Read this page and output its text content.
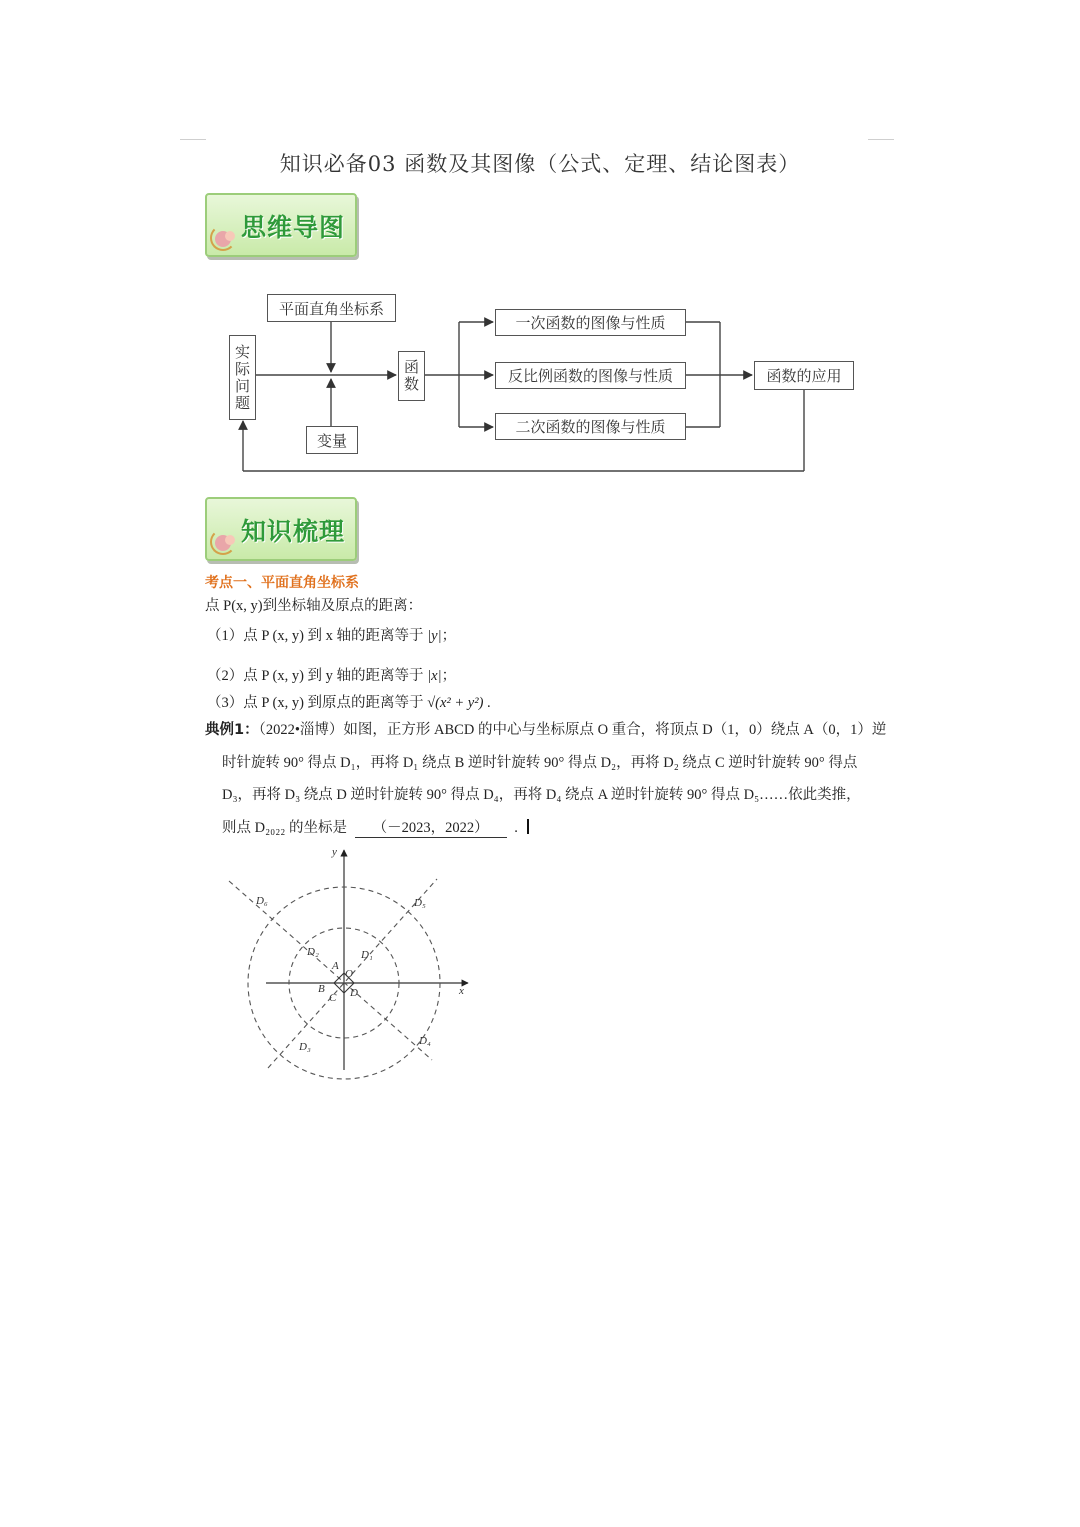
知识必备03 函数及其图像（公式、定理、结论图表）
思维导图
平面直角坐标系
实际问题
变量
函数
一次函数的图像与性质
反比例函数的图像与性质
二次函数的图像与性质
函数的应用
知识梳理
考点一、平面直角坐标系
点 P(x, y)到坐标轴及原点的距离：
（1）点 P (x, y) 到 x 轴的距离等于 |y|；
（2）点 P (x, y) 到 y 轴的距离等于 |x|；
（3）点 P (x, y) 到原点的距离等于 √(x² + y²) .
典例1：（2022•淄博）如图，正方形 ABCD 的中心与坐标原点 O 重合，将顶点 D（1，0）绕点 A（0，1）逆
时针旋转 90° 得点 D₁，再将 D₁ 绕点 B 逆时针旋转 90° 得点 D₂，再将 D₂ 绕点 C 逆时针旋转 90° 得点
D₃，再将 D₃ 绕点 D 逆时针旋转 90° 得点 D₄，再将 D₄ 绕点 A 逆时针旋转 90° 得点 D₅……依此类推，
则点 D₂₀₂₂ 的坐标是 （－2023，2022） .
y
x
D₆	D₅
D₂	D₁
A
O
B
C D
D₃	D₄
